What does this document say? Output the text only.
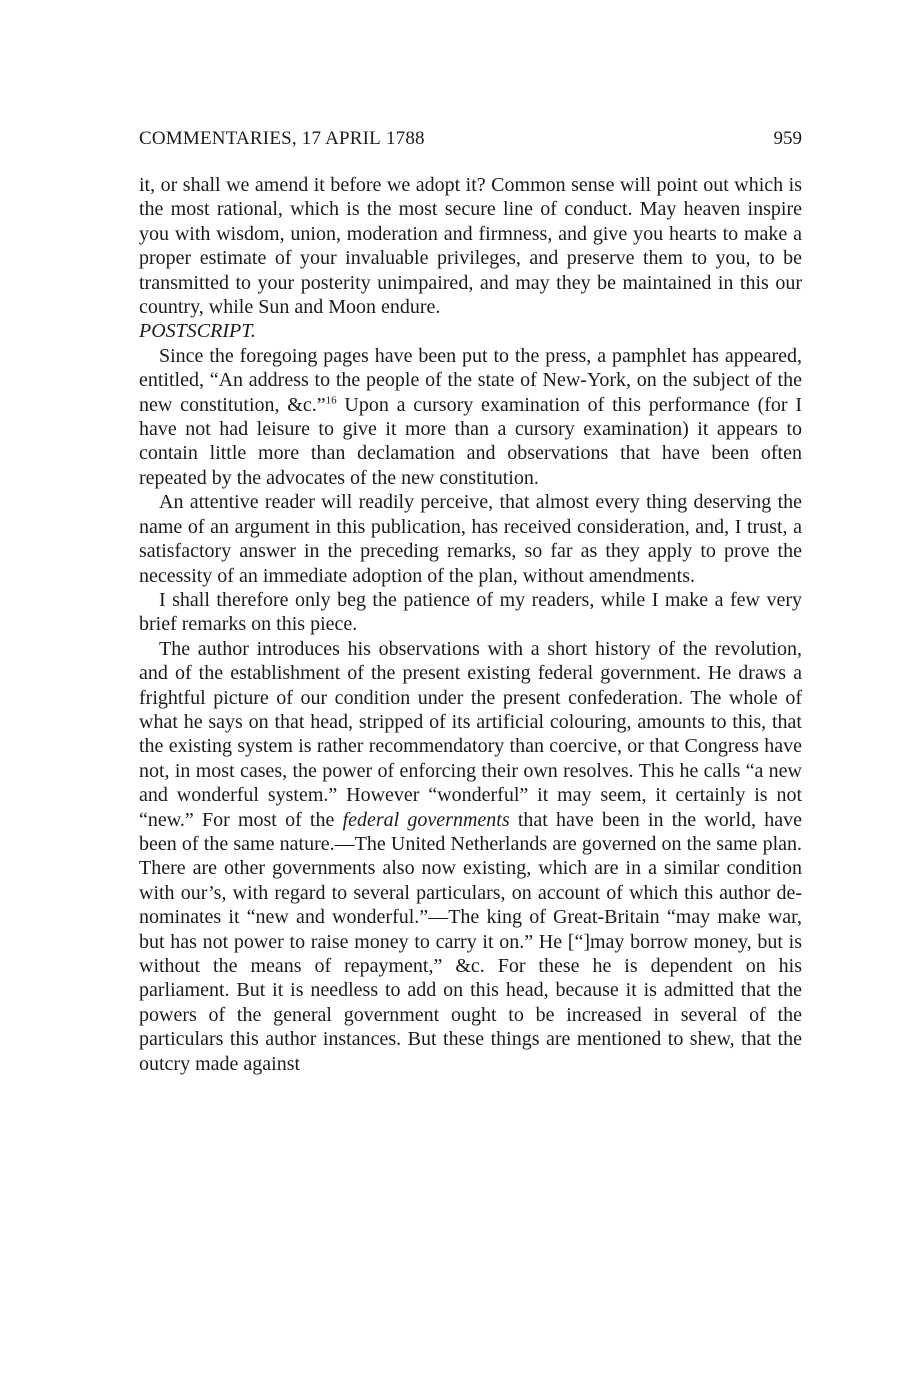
COMMENTARIES, 17 APRIL 1788	959

it, or shall we amend it before we adopt it? Common sense will point out which is the most rational, which is the most secure line of conduct. May heaven inspire you with wisdom, union, moderation and firmness, and give you hearts to make a proper estimate of your invaluable privileges, and preserve them to you, to be transmitted to your posterity unimpaired, and may they be maintained in this our country, while Sun and Moon endure.

POSTSCRIPT.

Since the foregoing pages have been put to the press, a pamphlet has appeared, entitled, “An address to the people of the state of New-York, on the subject of the new constitution, &c.”$^{16}$ Upon a cursory examination of this performance (for I have not had leisure to give it more than a cursory examination) it appears to contain little more than declamation and observations that have been often repeated by the advocates of the new constitution.

An attentive reader will readily perceive, that almost every thing deserving the name of an argument in this publication, has received consideration, and, I trust, a satisfactory answer in the preceding remarks, so far as they apply to prove the necessity of an immediate adoption of the plan, without amendments.

I shall therefore only beg the patience of my readers, while I make a few very brief remarks on this piece.

The author introduces his observations with a short history of the revolution, and of the establishment of the present existing federal government. He draws a frightful picture of our condition under the present confederation. The whole of what he says on that head, stripped of its artificial colouring, amounts to this, that the existing system is rather recommendatory than coercive, or that Congress have not, in most cases, the power of enforcing their own resolves. This he calls “a new and wonderful system.” However “wonderful” it may seem, it certainly is not “new.” For most of the federal governments that have been in the world, have been of the same nature.—The United Netherlands are governed on the same plan. There are other governments also now existing, which are in a similar condition with our’s, with regard to several particulars, on account of which this author denominates it “new and wonderful.”—The king of Great-Britain “may make war, but has not power to raise money to carry it on.” He [“]may borrow money, but is without the means of repayment,” &c. For these he is dependent on his parliament. But it is needless to add on this head, because it is admitted that the powers of the general government ought to be increased in several of the particulars this author instances. But these things are mentioned to shew, that the outcry made against
